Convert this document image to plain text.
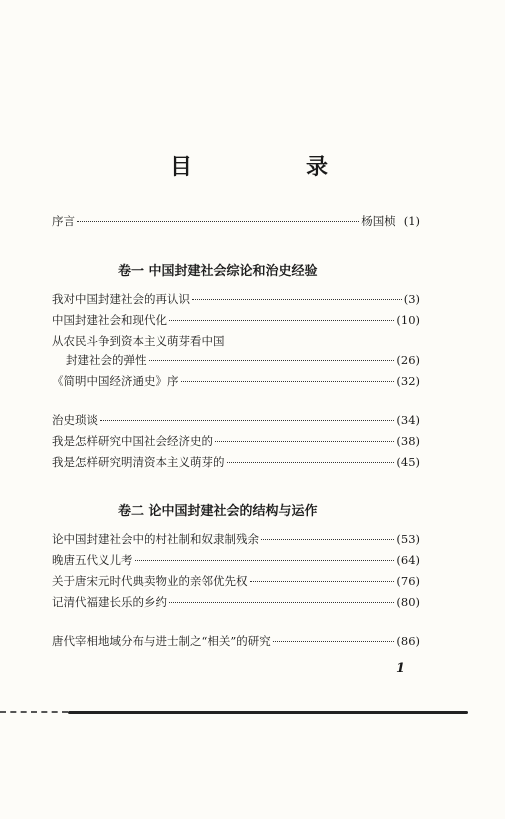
目	录
序言	杨国桢 (1)
卷一 中国封建社会综论和治史经验
我对中国封建社会的再认识	(3)
中国封建社会和现代化	(10)
从农民斗争到资本主义萌芽看中国
封建社会的弹性	(26)
《简明中国经济通史》序	(32)
治史琐谈	(34)
我是怎样研究中国社会经济史的	(38)
我是怎样研究明清资本主义萌芽的	(45)
卷二 论中国封建社会的结构与运作
论中国封建社会中的村社制和奴隶制残余	(53)
晚唐五代义儿考	(64)
关于唐宋元时代典卖物业的亲邻优先权	(76)
记清代福建长乐的乡约	(80)
唐代宰相地域分布与进士制之“相关”的研究	(86)
1
